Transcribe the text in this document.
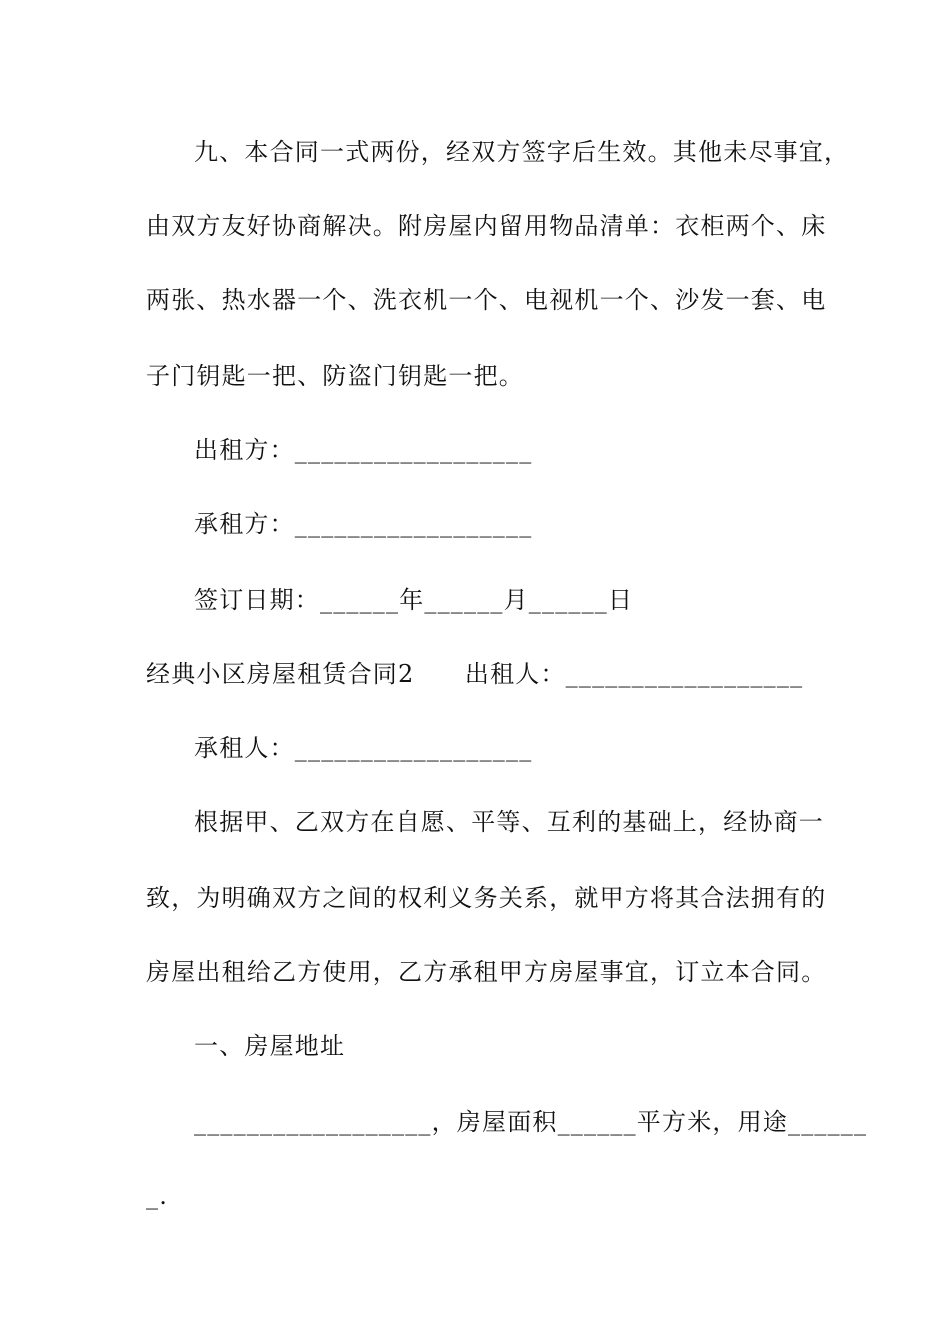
九、本合同一式两份，经双方签字后生效。其他未尽事宜，
由双方友好协商解决。附房屋内留用物品清单：衣柜两个、床
两张、热水器一个、洗衣机一个、电视机一个、沙发一套、电
子门钥匙一把、防盗门钥匙一把。
出租方：__________________
承租方：__________________
签订日期：______年______月______日
经典小区房屋租赁合同2　　出租人：__________________
承租人：__________________
根据甲、乙双方在自愿、平等、互利的基础上，经协商一
致，为明确双方之间的权利义务关系，就甲方将其合法拥有的
房屋出租给乙方使用，乙方承租甲方房屋事宜，订立本合同。
一、房屋地址
__________________，房屋面积______平方米，用途______
_.
